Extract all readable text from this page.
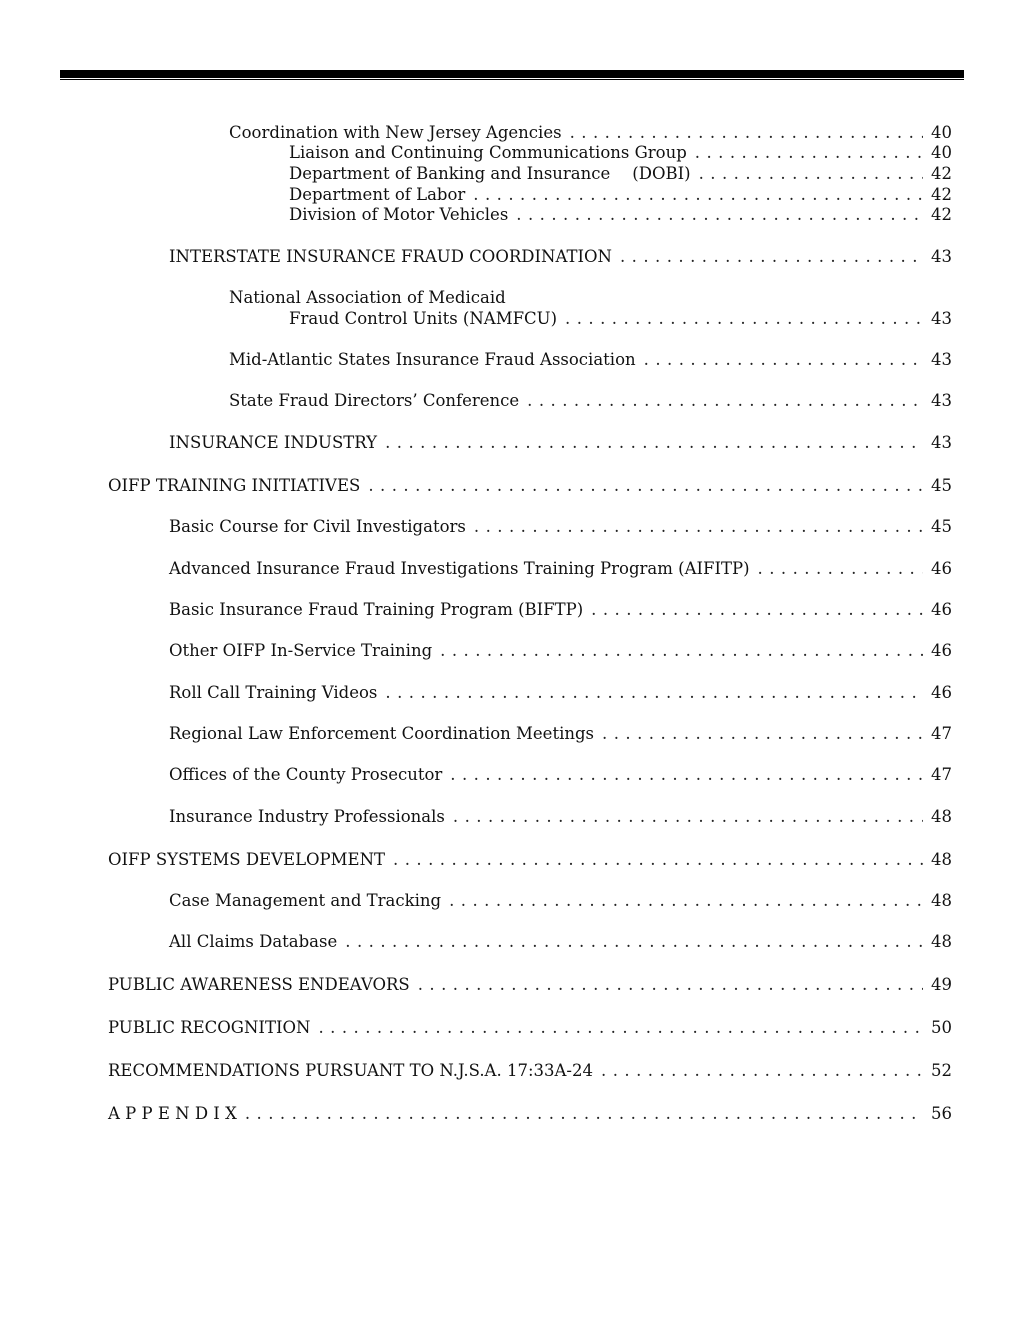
Coordination with New Jersey Agencies . . .	40
Liaison and Continuing Communications Group . . .	40
Department of Banking and Insurance (DOBI) . . .	42
Department of Labor . . .	42
Division of Motor Vehicles . . .	42
INTERSTATE INSURANCE FRAUD COORDINATION . . .	43
National Association of Medicaid
Fraud Control Units (NAMFCU) . . .	43
Mid-Atlantic States Insurance Fraud Association . . .	43
State Fraud Directors’ Conference . . .	43
INSURANCE INDUSTRY . . .	43
OIFP TRAINING INITIATIVES . . .	45
Basic Course for Civil Investigators . . .	45
Advanced Insurance Fraud Investigations Training Program (AIFITP) . . .	46
Basic Insurance Fraud Training Program (BIFTP) . . .	46
Other OIFP In-Service Training . . .	46
Roll Call Training Videos . . .	46
Regional Law Enforcement Coordination Meetings . . .	47
Offices of the County Prosecutor . . .	47
Insurance Industry Professionals . . .	48
OIFP SYSTEMS DEVELOPMENT . . .	48
Case Management and Tracking . . .	48
All Claims Database . . .	48
PUBLIC AWARENESS ENDEAVORS . . .	49
PUBLIC RECOGNITION . . .	50
RECOMMENDATIONS PURSUANT TO N.J.S.A. 17:33A-24 . . .	52
A P P E N D I X . . .	56
